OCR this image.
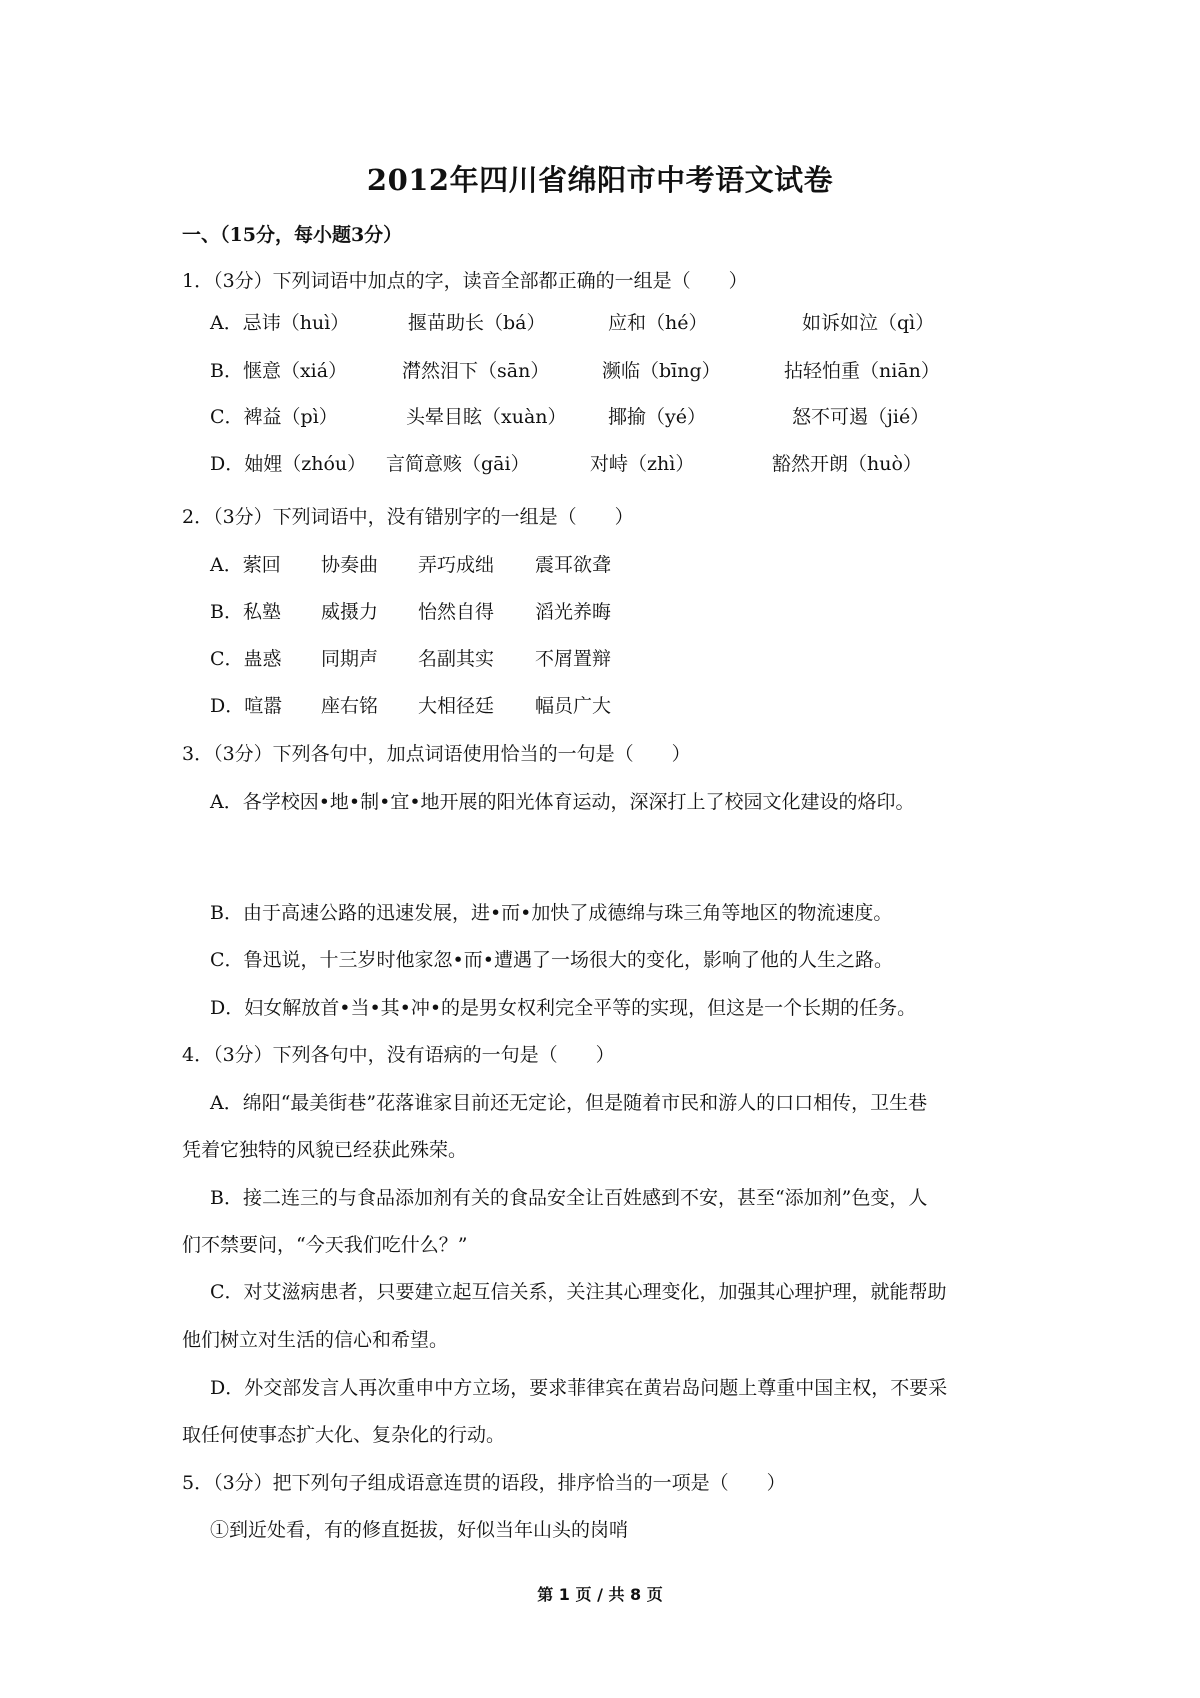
2012年四川省绵阳市中考语文试卷
一、（15分，每小题3分）
1．（3分）下列词语中加点的字，读音全部都正确的一组是（　　）
A．忌讳（huì）	揠苗助长（bá）	应和（hé）	如诉如泣（qì）
B．惬意（xiá）	潸然泪下（sān）	濒临（bīng）	拈轻怕重（niān）
C．裨益（pì）	头晕目眩（xuàn） 揶揄（yé）	怒不可遏（jié）
D．妯娌（zhóu） 言简意赅（gāi）	对峙（zhì）	豁然开朗（huò）
2．（3分）下列词语中，没有错别字的一组是（　　）
A．萦回 协奏曲 弄巧成绌 震耳欲聋
B．私塾 威摄力 怡然自得 滔光养晦
C．蛊惑 同期声 名副其实 不屑置辩
D．喧嚣 座右铭 大相径廷 幅员广大
3．（3分）下列各句中，加点词语使用恰当的一句是（　　）
A．各学校因•地•制•宜•地开展的阳光体育运动，深深打上了校园文化建设的烙印。
B．由于高速公路的迅速发展，进•而•加快了成德绵与珠三角等地区的物流速度。
C．鲁迅说，十三岁时他家忽•而•遭遇了一场很大的变化，影响了他的人生之路。
D．妇女解放首•当•其•冲•的是男女权利完全平等的实现，但这是一个长期的任务。
4．（3分）下列各句中，没有语病的一句是（　　）
A．绵阳“最美街巷”花落谁家目前还无定论，但是随着市民和游人的口口相传，卫生巷
凭着它独特的风貌已经获此殊荣。
B．接二连三的与食品添加剂有关的食品安全让百姓感到不安，甚至“添加剂”色变，人
们不禁要问，“今天我们吃什么？”
C．对艾滋病患者，只要建立起互信关系，关注其心理变化，加强其心理护理，就能帮助
他们树立对生活的信心和希望。
D．外交部发言人再次重申中方立场，要求菲律宾在黄岩岛问题上尊重中国主权，不要采
取任何使事态扩大化、复杂化的行动。
5．（3分）把下列句子组成语意连贯的语段，排序恰当的一项是（　　）
①到近处看，有的修直挺拔，好似当年山头的岗哨
第 1 页 / 共 8 页
